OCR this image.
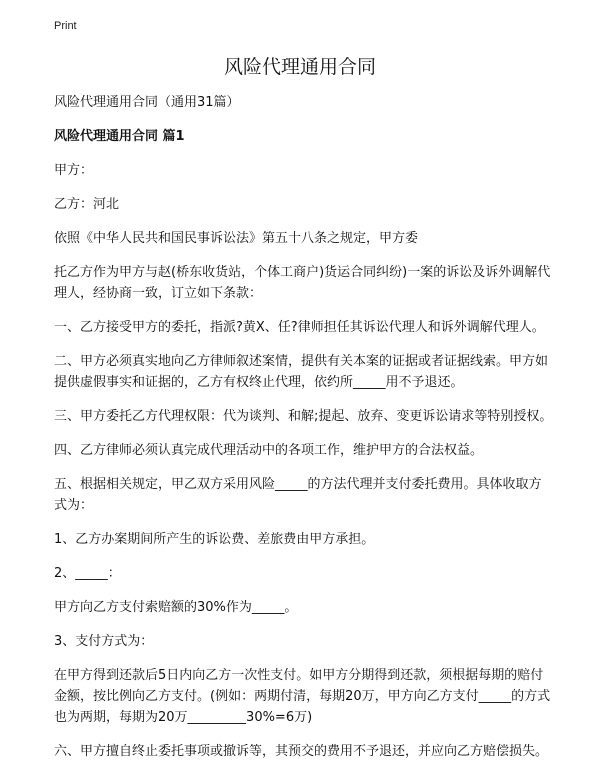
Print
风险代理通用合同

风险代理通用合同（通用31篇）

风险代理通用合同 篇1

甲方：

乙方：河北

依照《中华人民共和国民事诉讼法》第五十八条之规定，甲方委

托乙方作为甲方与赵(桥东收货站，个体工商户)货运合同纠纷)一案的诉讼及诉外调解代理人，经协商一致，订立如下条款：

一、乙方接受甲方的委托，指派?黄X、任?律师担任其诉讼代理人和诉外调解代理人。

二、甲方必须真实地向乙方律师叙述案情，提供有关本案的证据或者证据线索。甲方如提供虚假事实和证据的，乙方有权终止代理，依约所_____用不予退还。

三、甲方委托乙方代理权限：代为谈判、和解;提起、放弃、变更诉讼请求等特别授权。

四、乙方律师必须认真完成代理活动中的各项工作，维护甲方的合法权益。

五、根据相关规定，甲乙双方采用风险_____的方法代理并支付委托费用。具体收取方式为：

1、乙方办案期间所产生的诉讼费、差旅费由甲方承担。

2、_____：

甲方向乙方支付索赔额的30%作为_____。

3、支付方式为：

在甲方得到还款后5日内向乙方一次性支付。如甲方分期得到还款，须根据每期的赔付金额，按比例向乙方支付。(例如：两期付清，每期20万，甲方向乙方支付_____的方式也为两期，每期为20万_________30%=6万)

六、甲方擅自终止委托事项或撤诉等，其预交的费用不予退还，并应向乙方赔偿损失。
